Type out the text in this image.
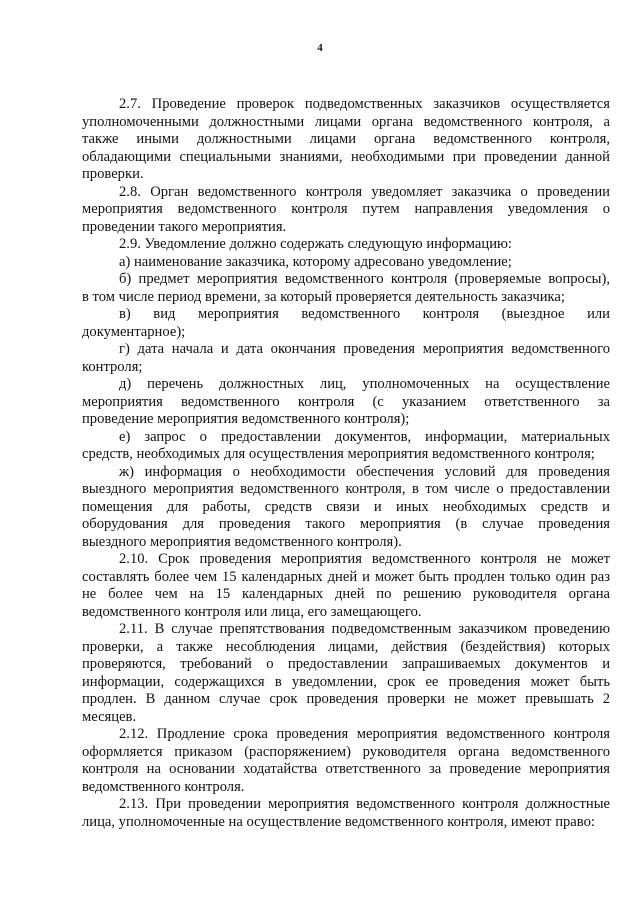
4
2.7. Проведение проверок подведомственных заказчиков осуществляется
уполномоченными должностными лицами органа ведомственного контроля, а
также иными должностными лицами органа ведомственного контроля,
обладающими специальными знаниями, необходимыми при проведении данной
проверки.
2.8. Орган ведомственного контроля уведомляет заказчика о проведении
мероприятия ведомственного контроля путем направления уведомления о
проведении такого мероприятия.
2.9. Уведомление должно содержать следующую информацию:
а) наименование заказчика, которому адресовано уведомление;
б) предмет мероприятия ведомственного контроля (проверяемые вопросы),
в том числе период времени, за который проверяется деятельность заказчика;
в) вид мероприятия ведомственного контроля (выездное или
документарное);
г) дата начала и дата окончания проведения мероприятия ведомственного
контроля;
д) перечень должностных лиц, уполномоченных на осуществление
мероприятия ведомственного контроля (с указанием ответственного за
проведение мероприятия ведомственного контроля);
е) запрос о предоставлении документов, информации, материальных
средств, необходимых для осуществления мероприятия ведомственного контроля;
ж) информация о необходимости обеспечения условий для проведения
выездного мероприятия ведомственного контроля, в том числе о предоставлении
помещения для работы, средств связи и иных необходимых средств и
оборудования для проведения такого мероприятия (в случае проведения
выездного мероприятия ведомственного контроля).
2.10. Срок проведения мероприятия ведомственного контроля не может
составлять более чем 15 календарных дней и может быть продлен только один раз
не более чем на 15 календарных дней по решению руководителя органа
ведомственного контроля или лица, его замещающего.
2.11. В случае препятствования подведомственным заказчиком проведению
проверки, а также несоблюдения лицами, действия (бездействия) которых
проверяются, требований о предоставлении запрашиваемых документов и
информации, содержащихся в уведомлении, срок ее проведения может быть
продлен. В данном случае срок проведения проверки не может превышать 2
месяцев.
2.12. Продление срока проведения мероприятия ведомственного контроля
оформляется приказом (распоряжением) руководителя органа ведомственного
контроля на основании ходатайства ответственного за проведение мероприятия
ведомственного контроля.
2.13. При проведении мероприятия ведомственного контроля должностные
лица, уполномоченные на осуществление ведомственного контроля, имеют право:
